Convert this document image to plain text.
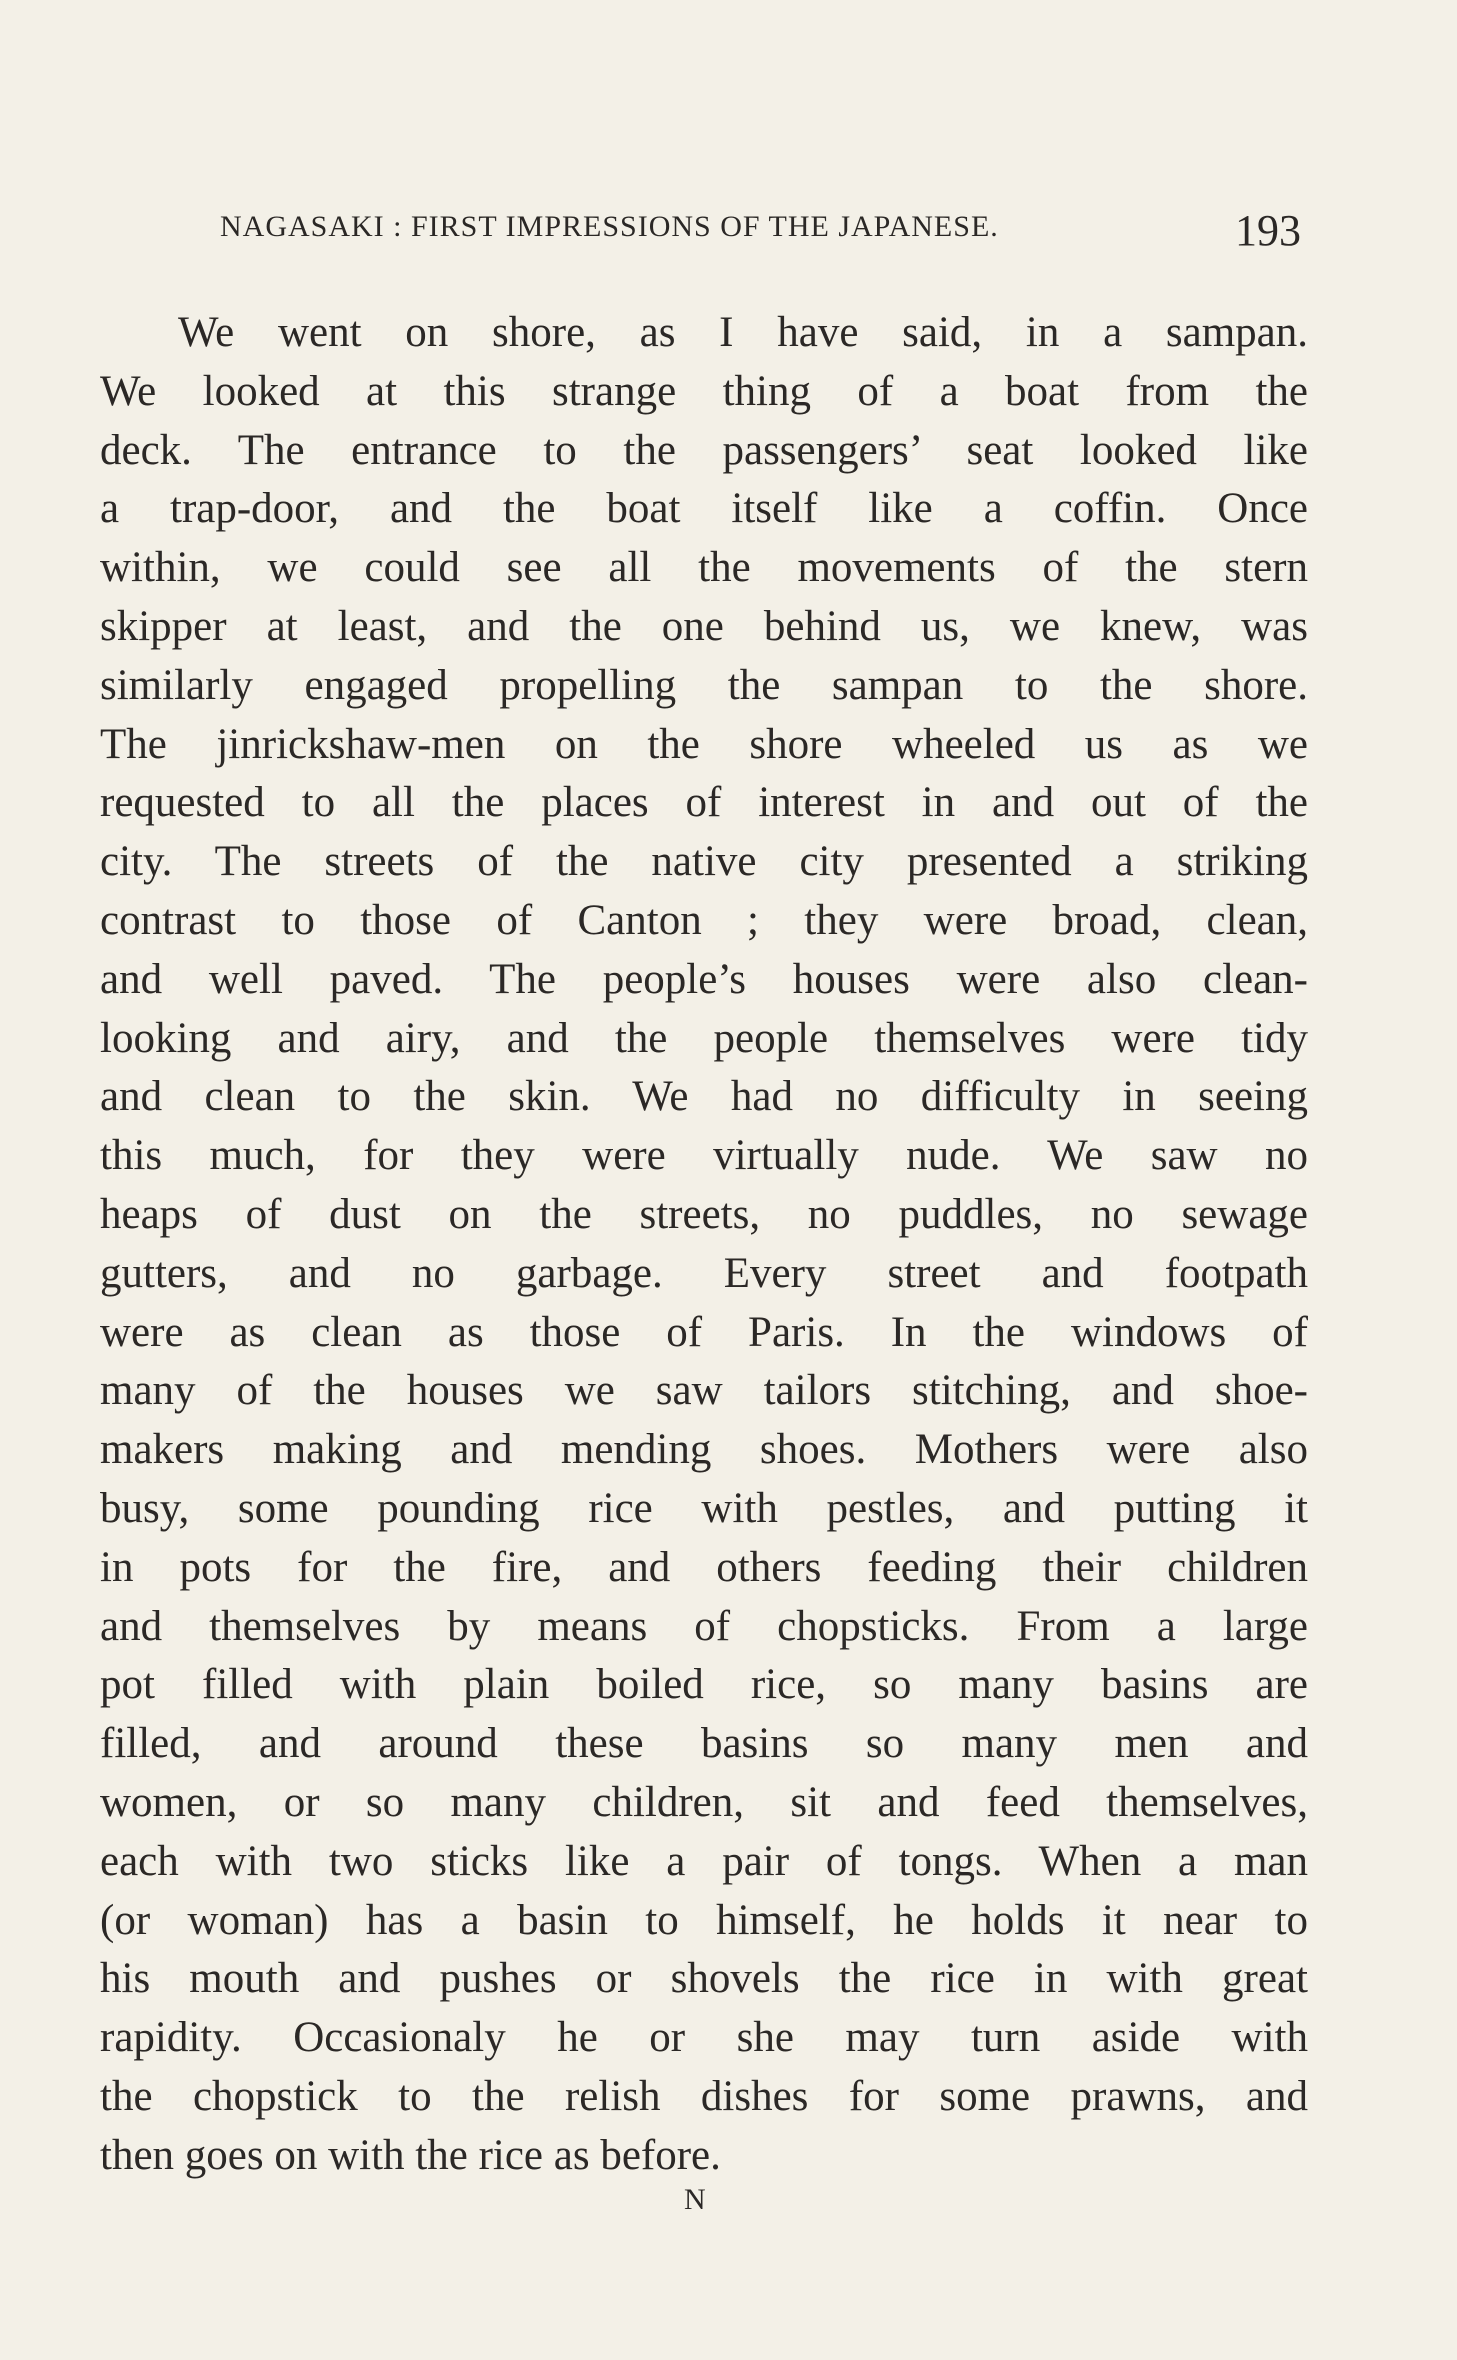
NAGASAKI : FIRST IMPRESSIONS OF THE JAPANESE.	193
We went on shore, as I have said, in a sampan.
We looked at this strange thing of a boat from the
deck. The entrance to the passengers’ seat looked like
a trap-door, and the boat itself like a coffin. Once
within, we could see all the movements of the stern
skipper at least, and the one behind us, we knew, was
similarly engaged propelling the sampan to the shore.
The jinrickshaw-men on the shore wheeled us as we
requested to all the places of interest in and out of the
city. The streets of the native city presented a striking
contrast to those of Canton ; they were broad, clean,
and well paved. The people’s houses were also clean-
looking and airy, and the people themselves were tidy
and clean to the skin. We had no difficulty in seeing
this much, for they were virtually nude. We saw no
heaps of dust on the streets, no puddles, no sewage
gutters, and no garbage. Every street and footpath
were as clean as those of Paris. In the windows of
many of the houses we saw tailors stitching, and shoe-
makers making and mending shoes. Mothers were also
busy, some pounding rice with pestles, and putting it
in pots for the fire, and others feeding their children
and themselves by means of chopsticks. From a large
pot filled with plain boiled rice, so many basins are
filled, and around these basins so many men and
women, or so many children, sit and feed themselves,
each with two sticks like a pair of tongs. When a man
(or woman) has a basin to himself, he holds it near to
his mouth and pushes or shovels the rice in with great
rapidity. Occasionaly he or she may turn aside with
the chopstick to the relish dishes for some prawns, and
then goes on with the rice as before.
N
